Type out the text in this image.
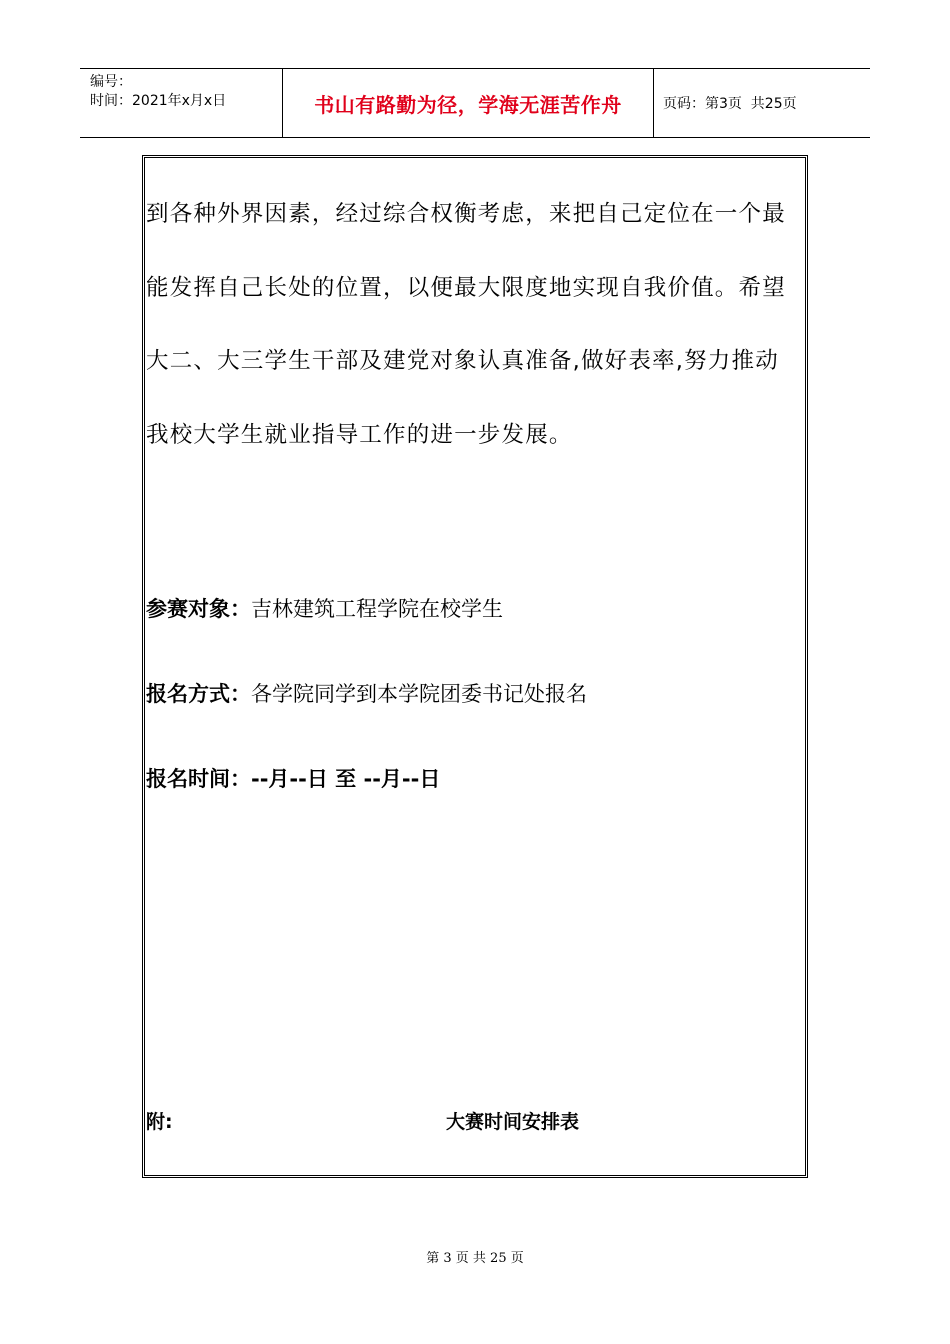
编号：
时间：2021年x月x日	书山有路勤为径，学海无涯苦作舟	页码：第3页  共25页
到各种外界因素，经过综合权衡考虑，来把自己定位在一个最
能发挥自己长处的位置，以便最大限度地实现自我价值。希望
大二、大三学生干部及建党对象认真准备,做好表率,努力推动
我校大学生就业指导工作的进一步发展。
参赛对象：吉林建筑工程学院在校学生
报名方式：各学院同学到本学院团委书记处报名
报名时间：--月--日 至 --月--日
附:	大赛时间安排表
第 3 页 共 25 页
